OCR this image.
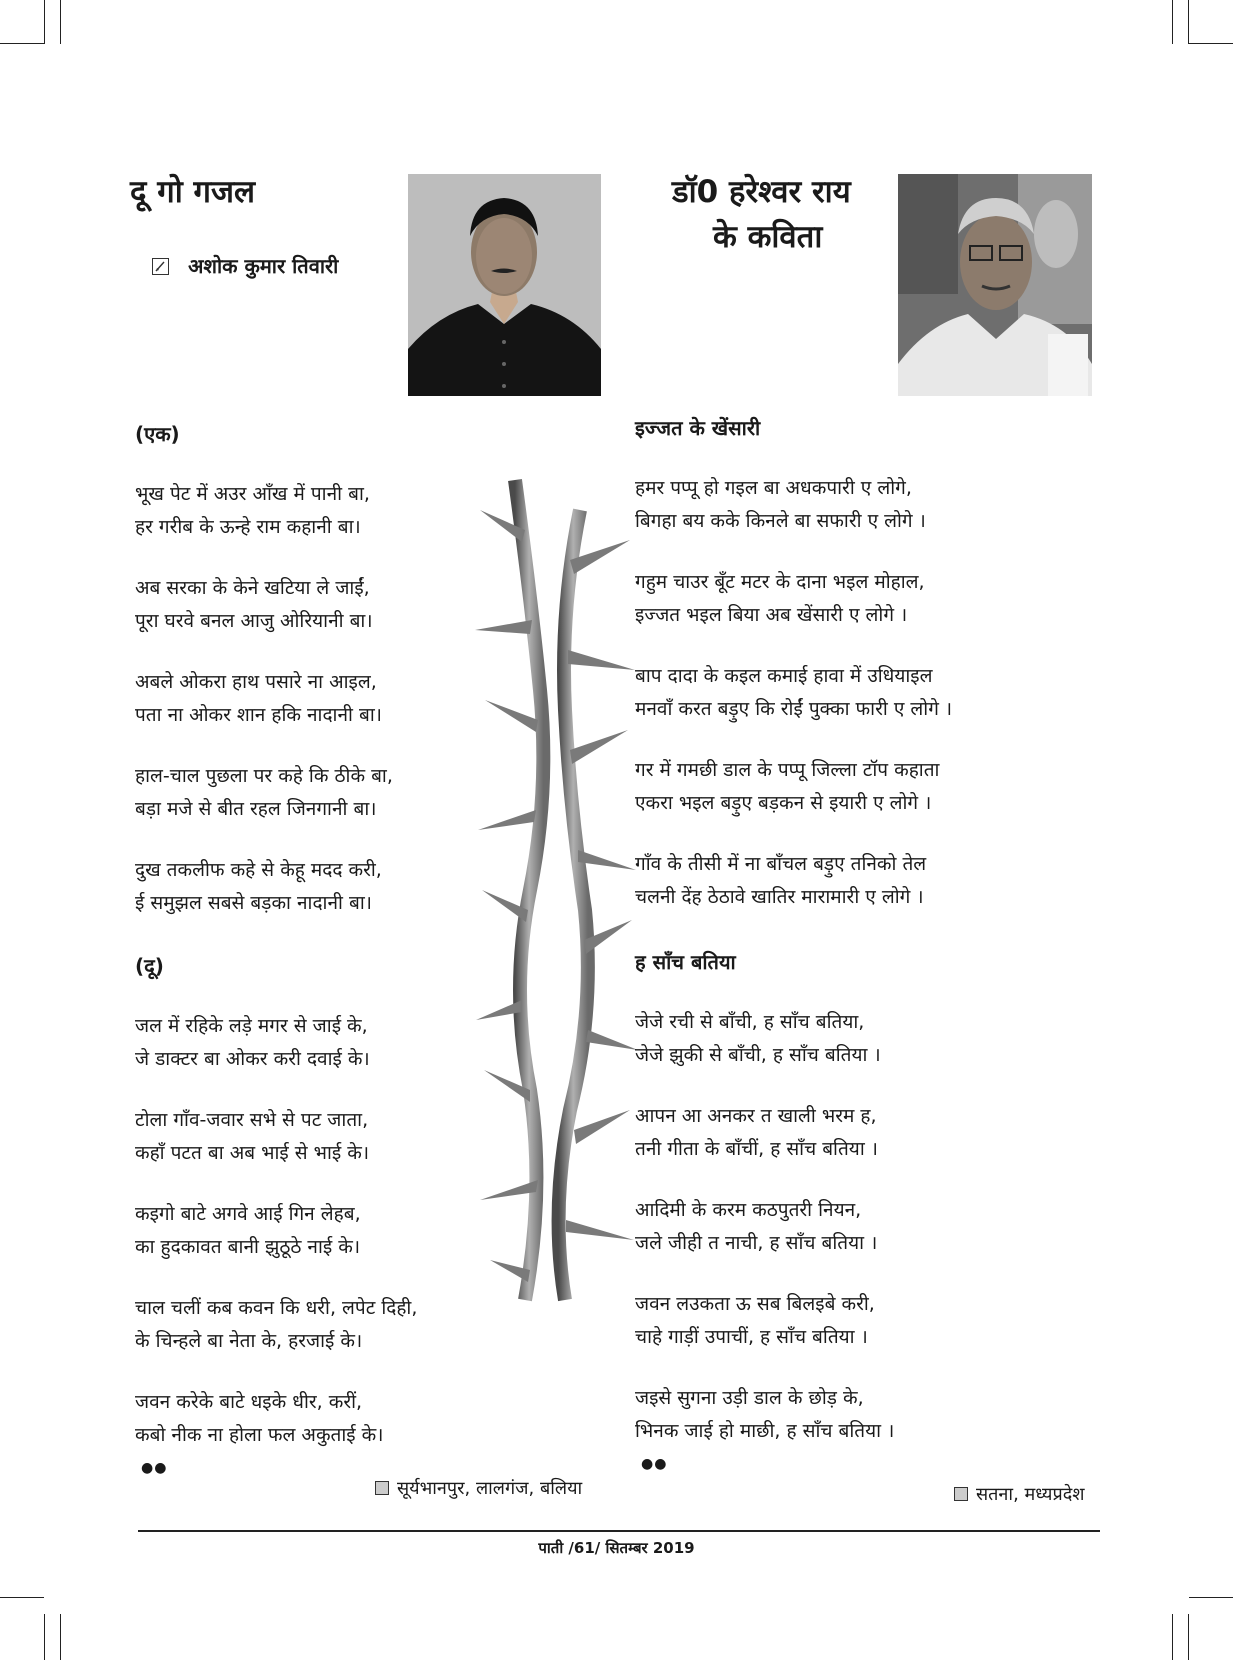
दू गो गजल
अशोक कुमार तिवारी
डॉ0 हरेश्वर राय
के कविता
(एक)
भूख पेट में अउर आँख में पानी बा,
हर गरीब के ऊन्हे राम कहानी बा।
अब सरका के केने खटिया ले जाईं,
पूरा घरवे बनल आजु ओरियानी बा।
अबले ओकरा हाथ पसारे ना आइल,
पता ना ओकर शान हकि नादानी बा।
हाल-चाल पुछला पर कहे कि ठीके बा,
बड़ा मजे से बीत रहल जिनगानी बा।
दुख तकलीफ कहे से केहू मदद करी,
ई समुझल सबसे बड़का नादानी बा।
(दू)
जल में रहिके लड़े मगर से जाई के,
जे डाक्टर बा ओकर करी दवाई के।
टोला गाँव-जवार सभे से पट जाता,
कहाँ पटत बा अब भाई से भाई के।
कइगो बाटे अगवे आई गिन लेहब,
का हुदकावत बानी झुठूठे नाई के।
चाल चलीं कब कवन कि धरी, लपेट दिही,
के चिन्हले बा नेता के, हरजाई के।
जवन करेके बाटे धइके धीर, करीं,
कबो नीक ना होला फल अकुताई के।
●●
सूर्यभानपुर, लालगंज, बलिया
इज्जत के खेंसारी
हमर पप्पू हो गइल बा अधकपारी ए लोगे,
बिगहा बय कके किनले बा सफारी ए लोगे ।
गहुम चाउर बूँट मटर के दाना भइल मोहाल,
इज्जत भइल बिया अब खेंसारी ए लोगे ।
बाप दादा के कइल कमाई हावा में उधियाइल
मनवाँ करत बड़ुए कि रोईं पुक्का फारी ए लोगे ।
गर में गमछी डाल के पप्पू जिल्ला टॉप कहाता
एकरा भइल बड़ुए बड़कन से इयारी ए लोगे ।
गाँव के तीसी में ना बाँचल बड़ुए तनिको तेल
चलनी देंह ठेठावे खातिर मारामारी ए लोगे ।
ह साँच बतिया
जेजे रची से बाँची, ह साँच बतिया,
जेजे झुकी से बाँची, ह साँच बतिया ।
आपन आ अनकर त खाली भरम ह,
तनी गीता के बाँचीं, ह साँच बतिया ।
आदिमी के करम कठपुतरी नियन,
जले जीही त नाची, ह साँच बतिया ।
जवन लउकता ऊ सब बिलइबे करी,
चाहे गाड़ीं उपाचीं, ह साँच बतिया ।
जइसे सुगना उड़ी डाल के छोड़ के,
भिनक जाई हो माछी, ह साँच बतिया ।
●●
सतना, मध्यप्रदेश
पाती /61/ सितम्बर 2019
